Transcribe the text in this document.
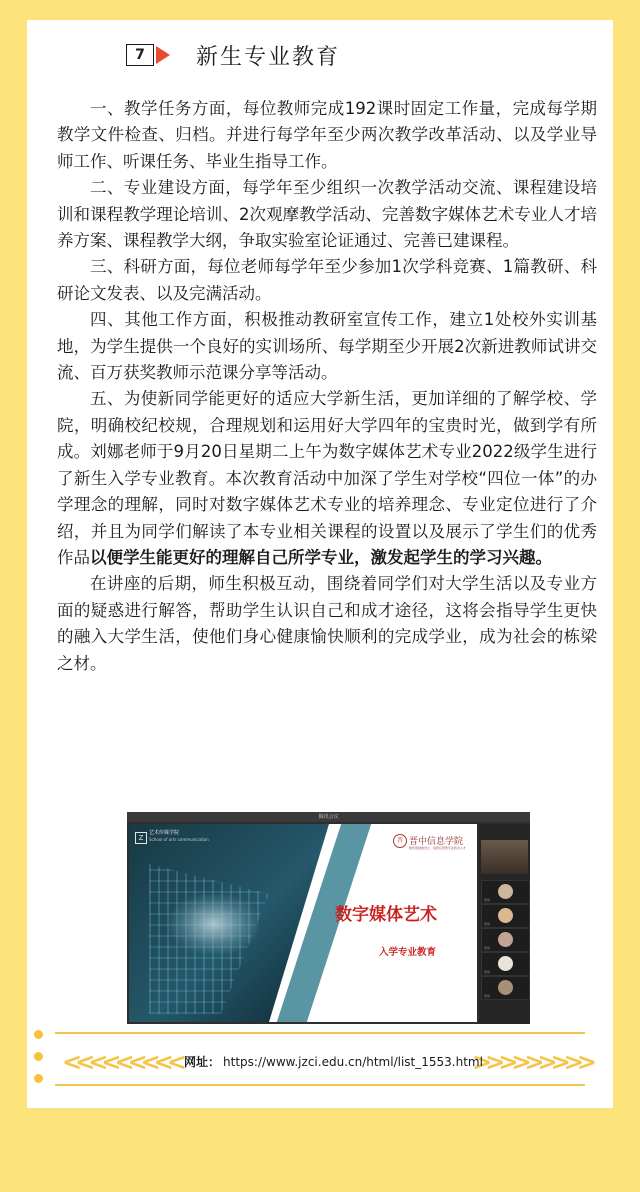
7	新生专业教育

一、教学任务方面，每位教师完成192课时固定工作量，完成每学期教学文件检查、归档。并进行每学年至少两次教学改革活动、以及学业导师工作、听课任务、毕业生指导工作。

二、专业建设方面，每学年至少组织一次教学活动交流、课程建设培训和课程教学理论培训、2次观摩教学活动、完善数字媒体艺术专业人才培养方案、课程教学大纲，争取实验室论证通过、完善已建课程。

三、科研方面，每位老师每学年至少参加1次学科竞赛、1篇教研、科研论文发表、以及完满活动。

四、其他工作方面，积极推动教研室宣传工作，建立1处校外实训基地，为学生提供一个良好的实训场所、每学期至少开展2次新进教师试讲交流、百万获奖教师示范课分享等活动。

五、为使新同学能更好的适应大学新生活，更加详细的了解学校、学院，明确校纪校规，合理规划和运用好大学四年的宝贵时光，做到学有所成。刘娜老师于9月20日星期二上午为数字媒体艺术专业2022级学生进行了新生入学专业教育。本次教育活动中加深了学生对学校“四位一体”的办学理念的理解，同时对数字媒体艺术专业的培养理念、专业定位进行了介绍，并且为同学们解读了本专业相关课程的设置以及展示了学生们的优秀作品以便学生能更好的理解自己所学专业，激发起学生的学习兴趣。

在讲座的后期，师生积极互动，围绕着同学们对大学生活以及专业方面的疑惑进行解答，帮助学生认识自己和成才途径，这将会指导学生更快的融入大学生活，使他们身心健康愉快顺利的完成学业，成为社会的栋梁之材。

腾讯会议
Z
艺术传媒学院
School of arts communication	晋 晋中信息学院
教育部批准设立 · 培养应用型专业技术人才
数字媒体艺术
入学专业教育
学员
学员
学员
学员
学员
<<<<<<<<<	>>>>>>>>>
网址： https://www.jzci.edu.cn/html/list_1553.html
